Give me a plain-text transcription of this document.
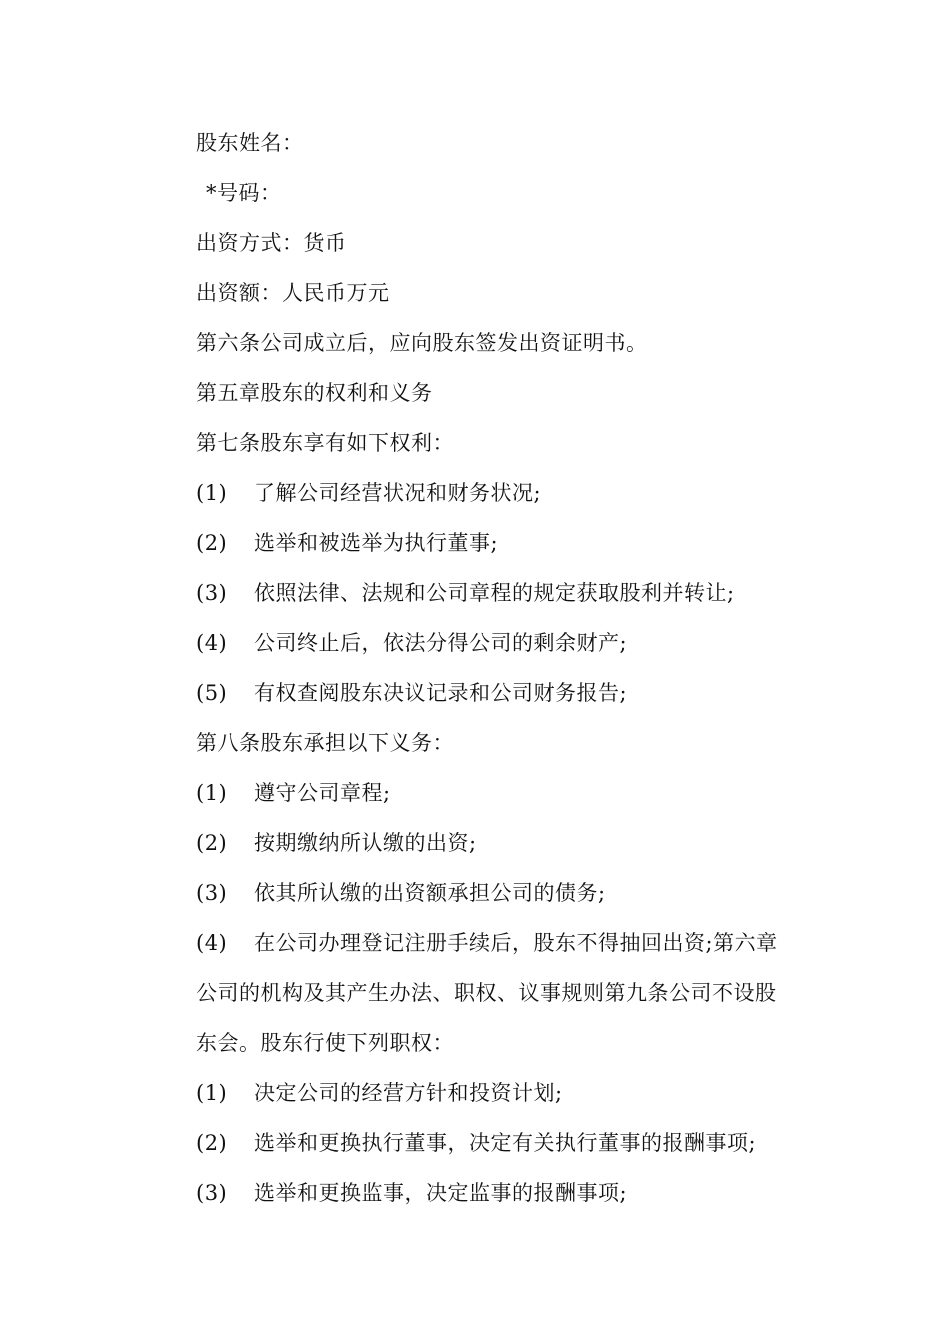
股东姓名：
*号码：
出资方式：货币
出资额：人民币万元
第六条公司成立后，应向股东签发出资证明书。
第五章股东的权利和义务
第七条股东享有如下权利：
(1)	了解公司经营状况和财务状况;
(2)	选举和被选举为执行董事;
(3)	依照法律、法规和公司章程的规定获取股利并转让;
(4)	公司终止后，依法分得公司的剩余财产;
(5)	有权查阅股东决议记录和公司财务报告;
第八条股东承担以下义务：
(1)	遵守公司章程;
(2)	按期缴纳所认缴的出资;
(3)	依其所认缴的出资额承担公司的债务;
(4)	在公司办理登记注册手续后，股东不得抽回出资;第六章
公司的机构及其产生办法、职权、议事规则第九条公司不设股
东会。股东行使下列职权：
(1)	决定公司的经营方针和投资计划;
(2)	选举和更换执行董事，决定有关执行董事的报酬事项;
(3)	选举和更换监事，决定监事的报酬事项;
